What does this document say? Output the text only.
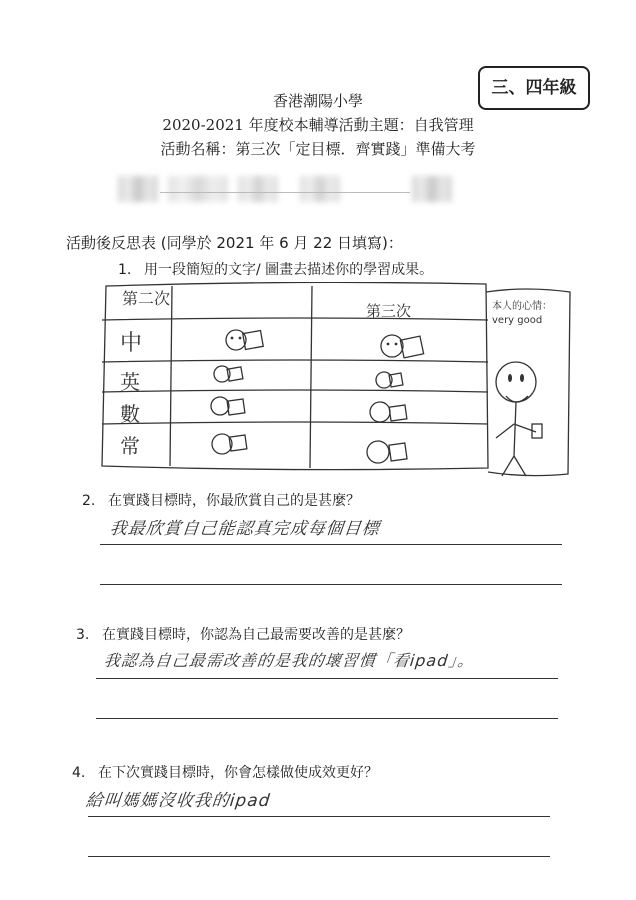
三、四年級
香港潮陽小學
2020-2021 年度校本輔導活動主題：自我管理
活動名稱：第三次「定目標．齊實踐」準備大考
活動後反思表 (同學於 2021 年 6 月 22 日填寫)：
1. 用一段簡短的文字/ 圖畫去描述你的學習成果。
第二次
第三次
中
英
數
常
本人的心情：very good
2. 在實踐目標時，你最欣賞自己的是甚麼？
我最欣賞自己能認真完成每個目標
3. 在實踐目標時，你認為自己最需要改善的是甚麼？
我認為自己最需改善的是我的壞習慣「看ipad」。
4. 在下次實踐目標時，你會怎樣做使成效更好？
給叫媽媽沒收我的ipad
